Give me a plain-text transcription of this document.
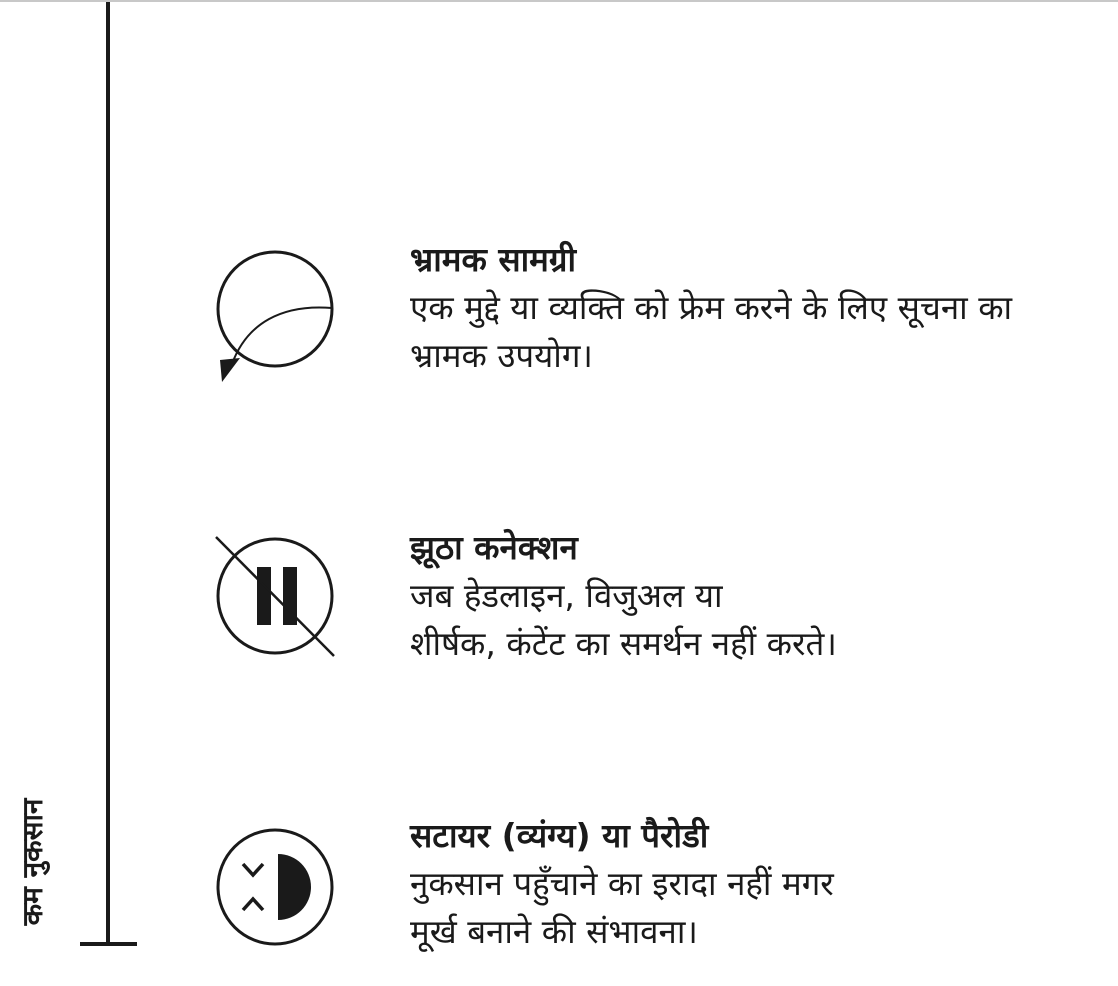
कम नुकसान
भ्रामक सामग्री
एक मुद्दे या व्यक्ति को फ्रेम करने के लिए सूचना का
भ्रामक उपयोग।
झूठा कनेक्शन
जब हेडलाइन, विजुअल या
शीर्षक, कंटेंट का समर्थन नहीं करते।
सटायर (व्यंग्य) या पैरोडी
नुकसान पहुँचाने का इरादा नहीं मगर
मूर्ख बनाने की संभावना।
